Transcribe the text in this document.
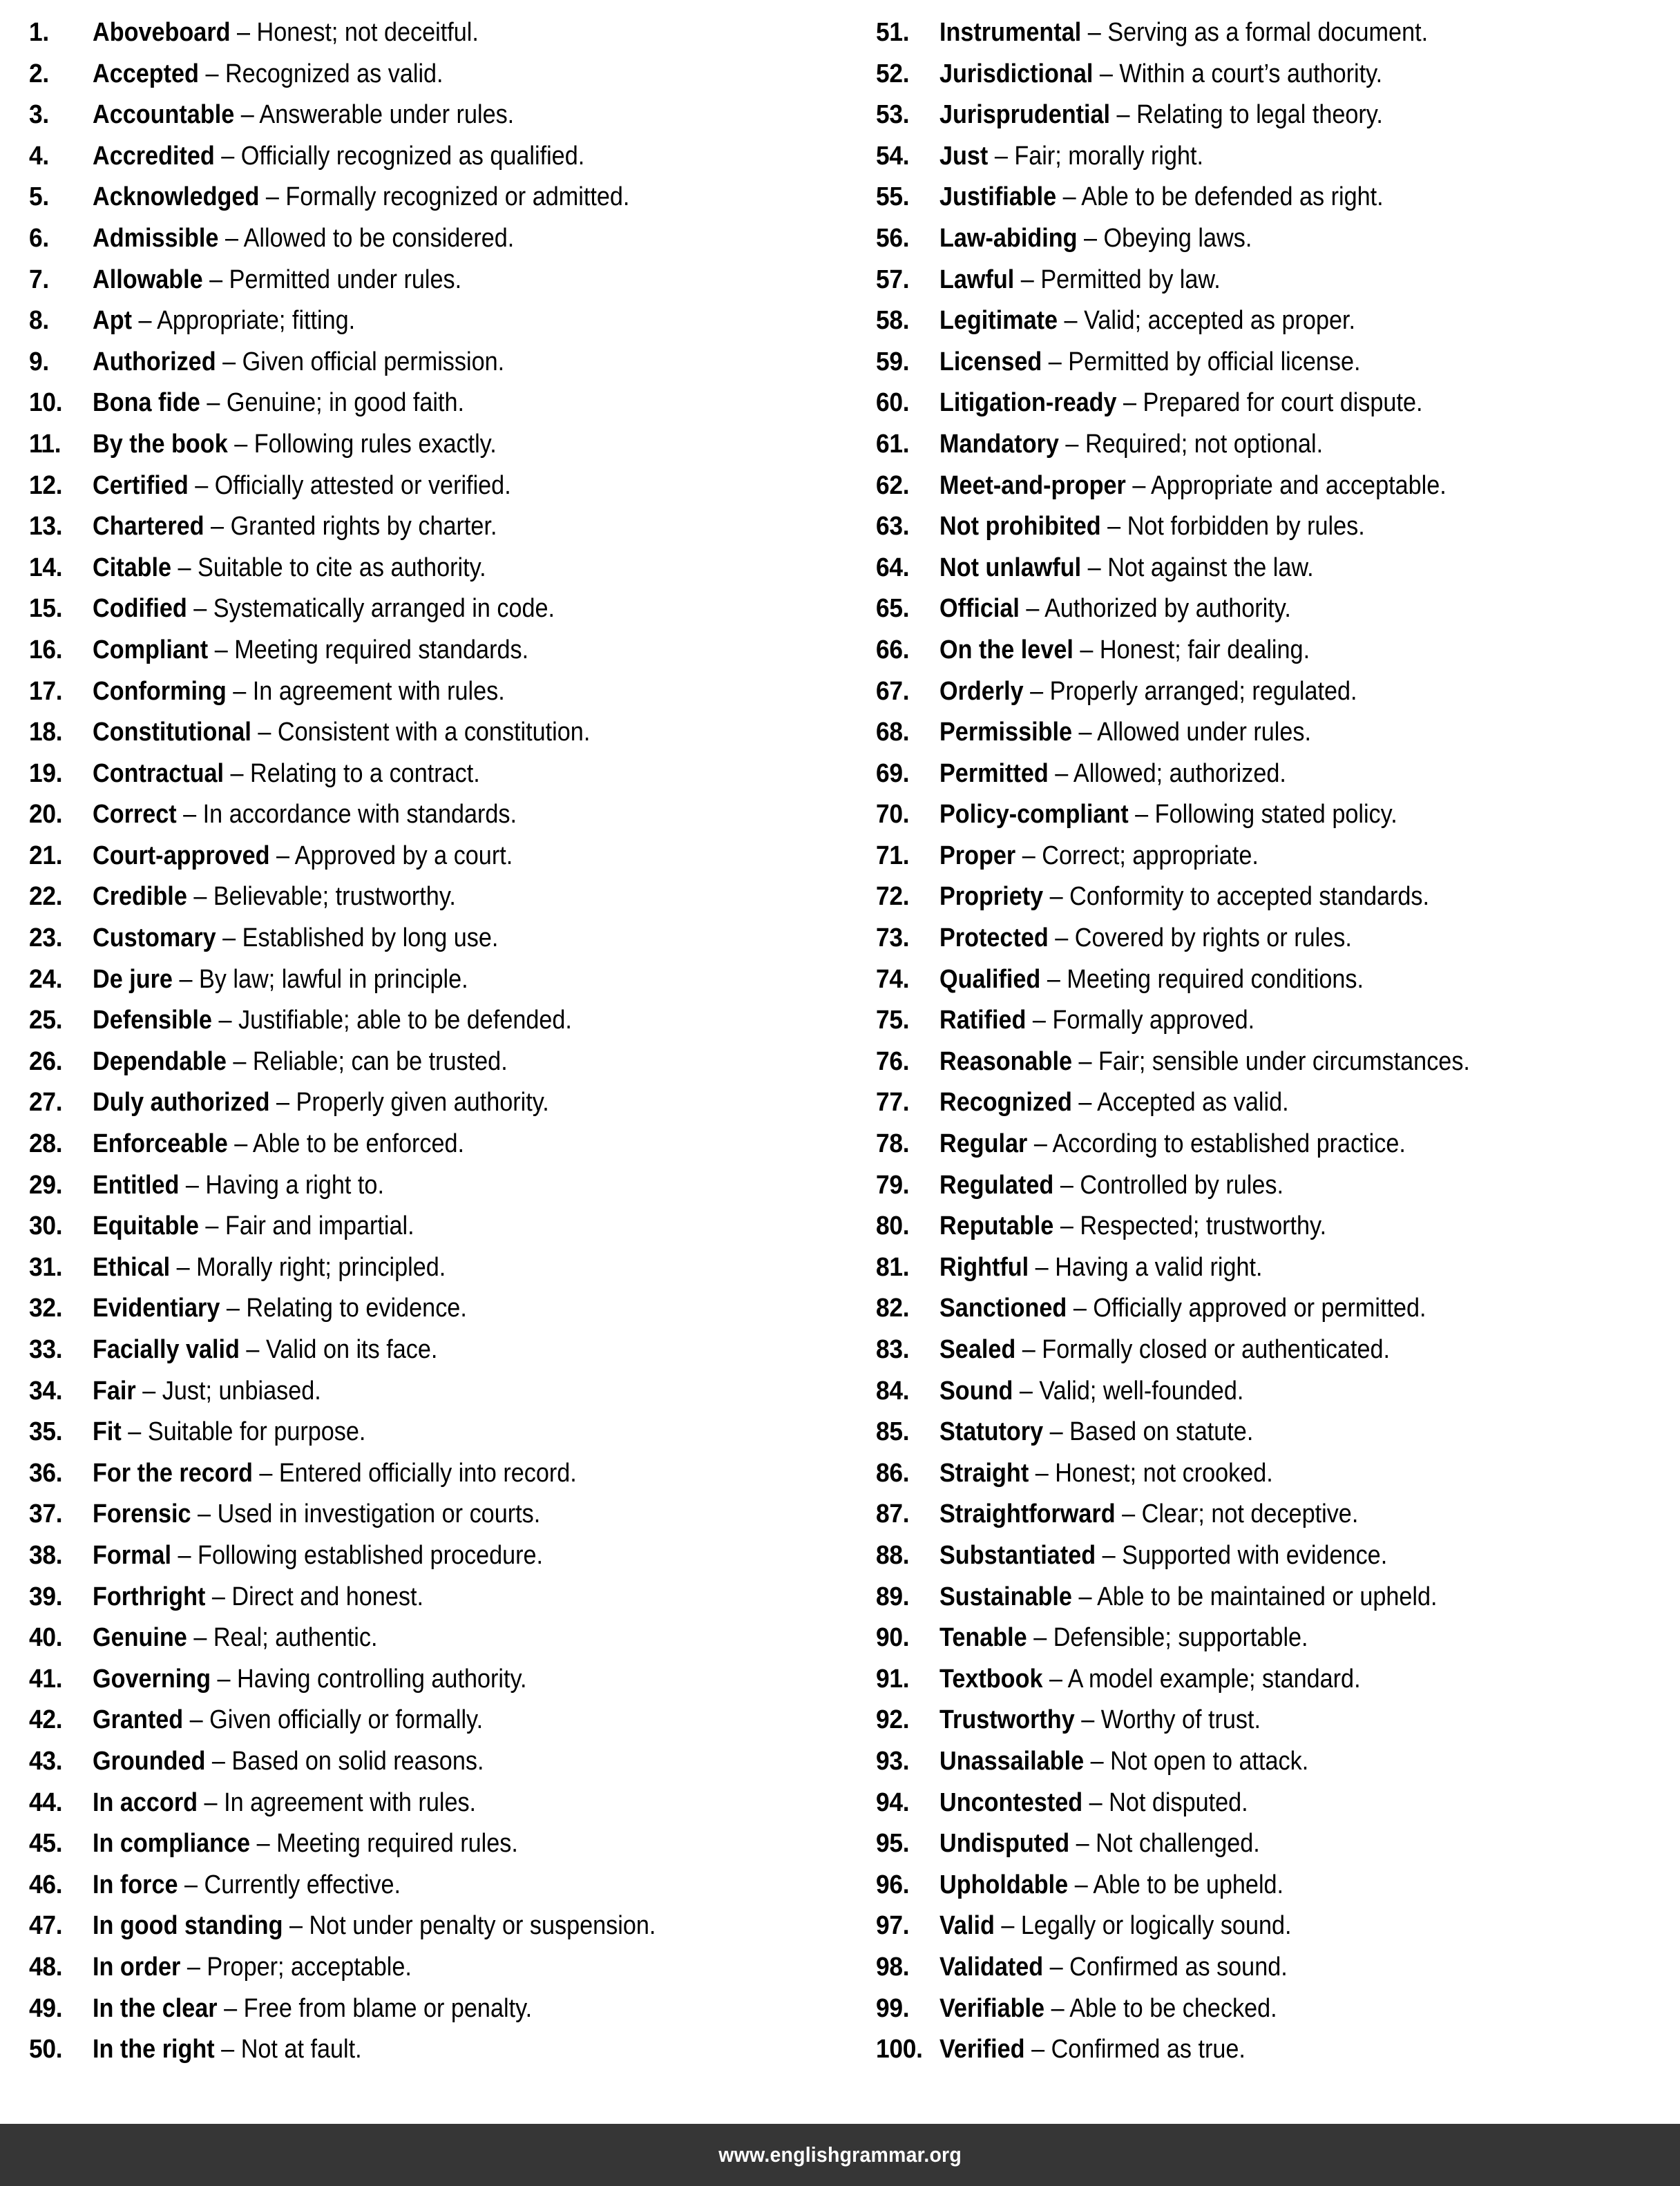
1.	Aboveboard – Honest; not deceitful.
2.	Accepted – Recognized as valid.
3.	Accountable – Answerable under rules.
4.	Accredited – Officially recognized as qualified.
5.	Acknowledged – Formally recognized or admitted.
6.	Admissible – Allowed to be considered.
7.	Allowable – Permitted under rules.
8.	Apt – Appropriate; fitting.
9.	Authorized – Given official permission.
10.	Bona fide – Genuine; in good faith.
11.	By the book – Following rules exactly.
12.	Certified – Officially attested or verified.
13.	Chartered – Granted rights by charter.
14.	Citable – Suitable to cite as authority.
15.	Codified – Systematically arranged in code.
16.	Compliant – Meeting required standards.
17.	Conforming – In agreement with rules.
18.	Constitutional – Consistent with a constitution.
19.	Contractual – Relating to a contract.
20.	Correct – In accordance with standards.
21.	Court-approved – Approved by a court.
22.	Credible – Believable; trustworthy.
23.	Customary – Established by long use.
24.	De jure – By law; lawful in principle.
25.	Defensible – Justifiable; able to be defended.
26.	Dependable – Reliable; can be trusted.
27.	Duly authorized – Properly given authority.
28.	Enforceable – Able to be enforced.
29.	Entitled – Having a right to.
30.	Equitable – Fair and impartial.
31.	Ethical – Morally right; principled.
32.	Evidentiary – Relating to evidence.
33.	Facially valid – Valid on its face.
34.	Fair – Just; unbiased.
35.	Fit – Suitable for purpose.
36.	For the record – Entered officially into record.
37.	Forensic – Used in investigation or courts.
38.	Formal – Following established procedure.
39.	Forthright – Direct and honest.
40.	Genuine – Real; authentic.
41.	Governing – Having controlling authority.
42.	Granted – Given officially or formally.
43.	Grounded – Based on solid reasons.
44.	In accord – In agreement with rules.
45.	In compliance – Meeting required rules.
46.	In force – Currently effective.
47.	In good standing – Not under penalty or suspension.
48.	In order – Proper; acceptable.
49.	In the clear – Free from blame or penalty.
50.	In the right – Not at fault.
51.	Instrumental – Serving as a formal document.
52.	Jurisdictional – Within a court’s authority.
53.	Jurisprudential – Relating to legal theory.
54.	Just – Fair; morally right.
55.	Justifiable – Able to be defended as right.
56.	Law-abiding – Obeying laws.
57.	Lawful – Permitted by law.
58.	Legitimate – Valid; accepted as proper.
59.	Licensed – Permitted by official license.
60.	Litigation-ready – Prepared for court dispute.
61.	Mandatory – Required; not optional.
62.	Meet-and-proper – Appropriate and acceptable.
63.	Not prohibited – Not forbidden by rules.
64.	Not unlawful – Not against the law.
65.	Official – Authorized by authority.
66.	On the level – Honest; fair dealing.
67.	Orderly – Properly arranged; regulated.
68.	Permissible – Allowed under rules.
69.	Permitted – Allowed; authorized.
70.	Policy-compliant – Following stated policy.
71.	Proper – Correct; appropriate.
72.	Propriety – Conformity to accepted standards.
73.	Protected – Covered by rights or rules.
74.	Qualified – Meeting required conditions.
75.	Ratified – Formally approved.
76.	Reasonable – Fair; sensible under circumstances.
77.	Recognized – Accepted as valid.
78.	Regular – According to established practice.
79.	Regulated – Controlled by rules.
80.	Reputable – Respected; trustworthy.
81.	Rightful – Having a valid right.
82.	Sanctioned – Officially approved or permitted.
83.	Sealed – Formally closed or authenticated.
84.	Sound – Valid; well-founded.
85.	Statutory – Based on statute.
86.	Straight – Honest; not crooked.
87.	Straightforward – Clear; not deceptive.
88.	Substantiated – Supported with evidence.
89.	Sustainable – Able to be maintained or upheld.
90.	Tenable – Defensible; supportable.
91.	Textbook – A model example; standard.
92.	Trustworthy – Worthy of trust.
93.	Unassailable – Not open to attack.
94.	Uncontested – Not disputed.
95.	Undisputed – Not challenged.
96.	Upholdable – Able to be upheld.
97.	Valid – Legally or logically sound.
98.	Validated – Confirmed as sound.
99.	Verifiable – Able to be checked.
100. Verified – Confirmed as true.
www.englishgrammar.org
